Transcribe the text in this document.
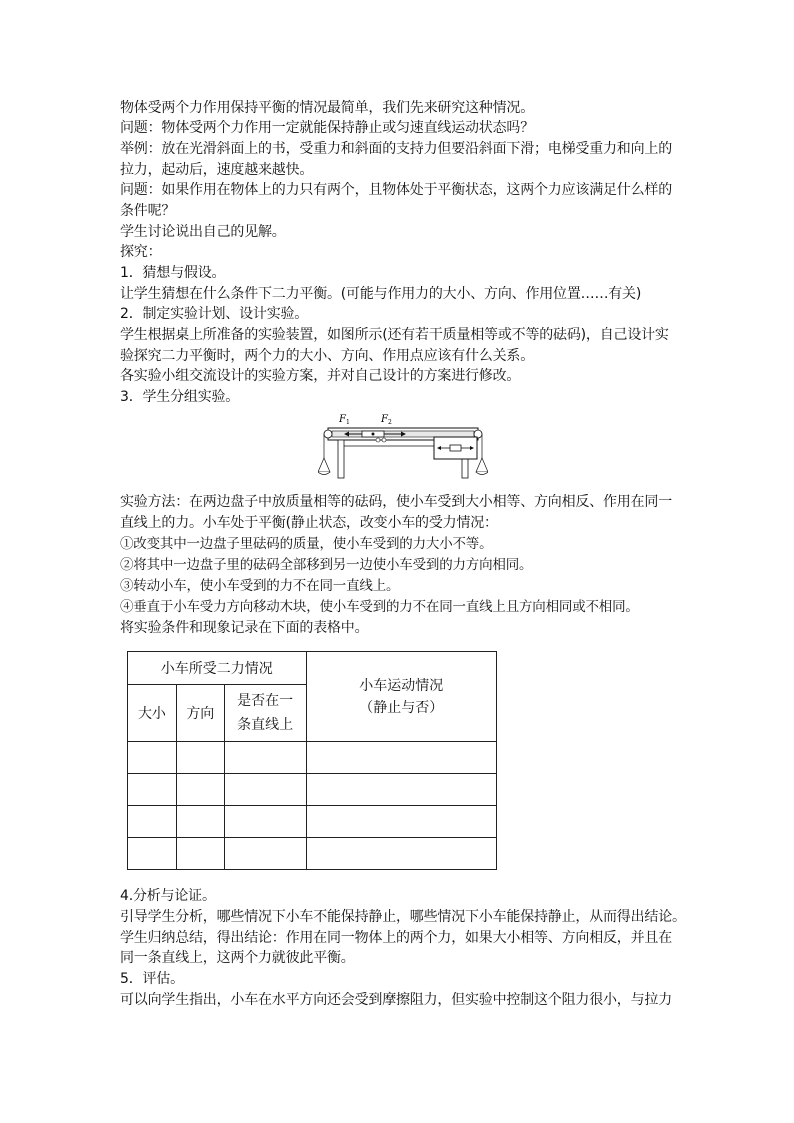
物体受两个力作用保持平衡的情况最简单，我们先来研究这种情况。
问题：物体受两个力作用一定就能保持静止或匀速直线运动状态吗？
举例：放在光滑斜面上的书，受重力和斜面的支持力但要沿斜面下滑；电梯受重力和向上的
拉力，起动后，速度越来越快。
问题：如果作用在物体上的力只有两个，且物体处于平衡状态，这两个力应该满足什么样的
条件呢？
学生讨论说出自己的见解。
探究：
1．猜想与假设。
让学生猜想在什么条件下二力平衡。(可能与作用力的大小、方向、作用位置……有关)
2．制定实验计划、设计实验。
学生根据桌上所准备的实验装置，如图所示(还有若干质量相等或不等的砝码)，自己设计实
验探究二力平衡时，两个力的大小、方向、作用点应该有什么关系。
各实验小组交流设计的实验方案，并对自己设计的方案进行修改。
3．学生分组实验。
F 1	F 2
实验方法：在两边盘子中放质量相等的砝码，使小车受到大小相等、方向相反、作用在同一
直线上的力。小车处于平衡(静止状态，改变小车的受力情况：
①改变其中一边盘子里砝码的质量，使小车受到的力大小不等。
②将其中一边盘子里的砝码全部移到另一边使小车受到的力方向相同。
③转动小车，使小车受到的力不在同一直线上。
④垂直于小车受力方向移动木块，使小车受到的力不在同一直线上且方向相同或不相同。
将实验条件和现象记录在下面的表格中。
小车所受二力情况			小车运动情况
（静止与否）

大小	方向	是否在一
条直线上	

4.分析与论证。
引导学生分析，哪些情况下小车不能保持静止，哪些情况下小车能保持静止，从而得出结论。
学生归纳总结，得出结论：作用在同一物体上的两个力，如果大小相等、方向相反，并且在
同一条直线上，这两个力就彼此平衡。
5．评估。
可以向学生指出，小车在水平方向还会受到摩擦阻力，但实验中控制这个阻力很小，与拉力
